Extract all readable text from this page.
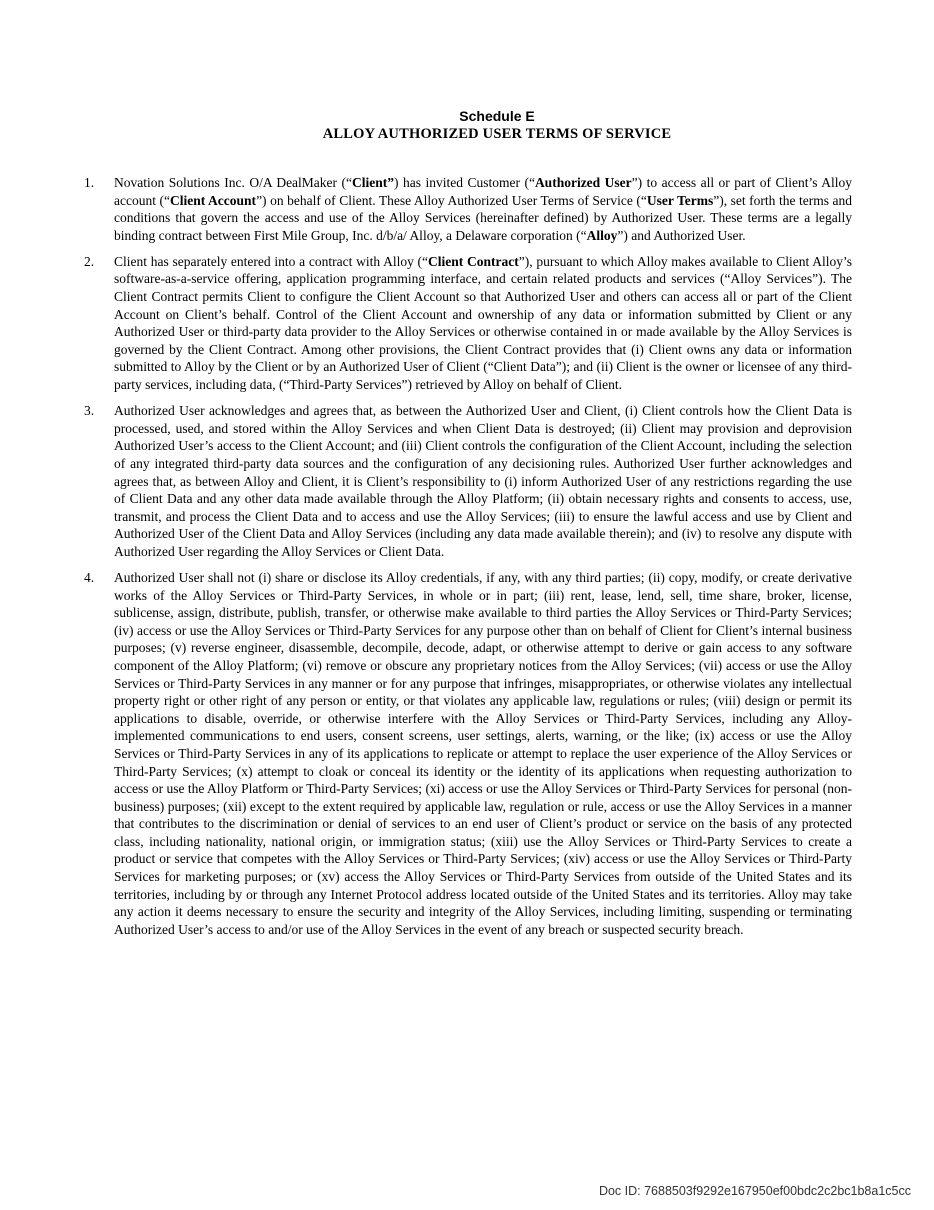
Schedule E
ALLOY AUTHORIZED USER TERMS OF SERVICE
1. Novation Solutions Inc. O/A DealMaker (“Client”) has invited Customer (“Authorized User”) to access all or part of Client’s Alloy account (“Client Account”) on behalf of Client. These Alloy Authorized User Terms of Service (“User Terms”), set forth the terms and conditions that govern the access and use of the Alloy Services (hereinafter defined) by Authorized User. These terms are a legally binding contract between First Mile Group, Inc. d/b/a/ Alloy, a Delaware corporation (“Alloy”) and Authorized User.
2. Client has separately entered into a contract with Alloy (“Client Contract”), pursuant to which Alloy makes available to Client Alloy’s software-as-a-service offering, application programming interface, and certain related products and services (“Alloy Services”). The Client Contract permits Client to configure the Client Account so that Authorized User and others can access all or part of the Client Account on Client’s behalf. Control of the Client Account and ownership of any data or information submitted by Client or any Authorized User or third-party data provider to the Alloy Services or otherwise contained in or made available by the Alloy Services is governed by the Client Contract. Among other provisions, the Client Contract provides that (i) Client owns any data or information submitted to Alloy by the Client or by an Authorized User of Client (“Client Data”); and (ii) Client is the owner or licensee of any third-party services, including data, (“Third-Party Services”) retrieved by Alloy on behalf of Client.
3. Authorized User acknowledges and agrees that, as between the Authorized User and Client, (i) Client controls how the Client Data is processed, used, and stored within the Alloy Services and when Client Data is destroyed; (ii) Client may provision and deprovision Authorized User’s access to the Client Account; and (iii) Client controls the configuration of the Client Account, including the selection of any integrated third-party data sources and the configuration of any decisioning rules. Authorized User further acknowledges and agrees that, as between Alloy and Client, it is Client’s responsibility to (i) inform Authorized User of any restrictions regarding the use of Client Data and any other data made available through the Alloy Platform; (ii) obtain necessary rights and consents to access, use, transmit, and process the Client Data and to access and use the Alloy Services; (iii) to ensure the lawful access and use by Client and Authorized User of the Client Data and Alloy Services (including any data made available therein); and (iv) to resolve any dispute with Authorized User regarding the Alloy Services or Client Data.
4. Authorized User shall not (i) share or disclose its Alloy credentials, if any, with any third parties; (ii) copy, modify, or create derivative works of the Alloy Services or Third-Party Services, in whole or in part; (iii) rent, lease, lend, sell, time share, broker, license, sublicense, assign, distribute, publish, transfer, or otherwise make available to third parties the Alloy Services or Third-Party Services; (iv) access or use the Alloy Services or Third-Party Services for any purpose other than on behalf of Client for Client’s internal business purposes; (v) reverse engineer, disassemble, decompile, decode, adapt, or otherwise attempt to derive or gain access to any software component of the Alloy Platform; (vi) remove or obscure any proprietary notices from the Alloy Services; (vii) access or use the Alloy Services or Third-Party Services in any manner or for any purpose that infringes, misappropriates, or otherwise violates any intellectual property right or other right of any person or entity, or that violates any applicable law, regulations or rules; (viii) design or permit its applications to disable, override, or otherwise interfere with the Alloy Services or Third-Party Services, including any Alloy-implemented communications to end users, consent screens, user settings, alerts, warning, or the like; (ix) access or use the Alloy Services or Third-Party Services in any of its applications to replicate or attempt to replace the user experience of the Alloy Services or Third-Party Services; (x) attempt to cloak or conceal its identity or the identity of its applications when requesting authorization to access or use the Alloy Platform or Third-Party Services; (xi) access or use the Alloy Services or Third-Party Services for personal (non-business) purposes; (xii) except to the extent required by applicable law, regulation or rule, access or use the Alloy Services in a manner that contributes to the discrimination or denial of services to an end user of Client’s product or service on the basis of any protected class, including nationality, national origin, or immigration status; (xiii) use the Alloy Services or Third-Party Services to create a product or service that competes with the Alloy Services or Third-Party Services; (xiv) access or use the Alloy Services or Third-Party Services for marketing purposes; or (xv) access the Alloy Services or Third-Party Services from outside of the United States and its territories, including by or through any Internet Protocol address located outside of the United States and its territories. Alloy may take any action it deems necessary to ensure the security and integrity of the Alloy Services, including limiting, suspending or terminating Authorized User’s access to and/or use of the Alloy Services in the event of any breach or suspected security breach.

Doc ID: 7688503f9292e167950ef00bdc2c2bc1b8a1c5cc
